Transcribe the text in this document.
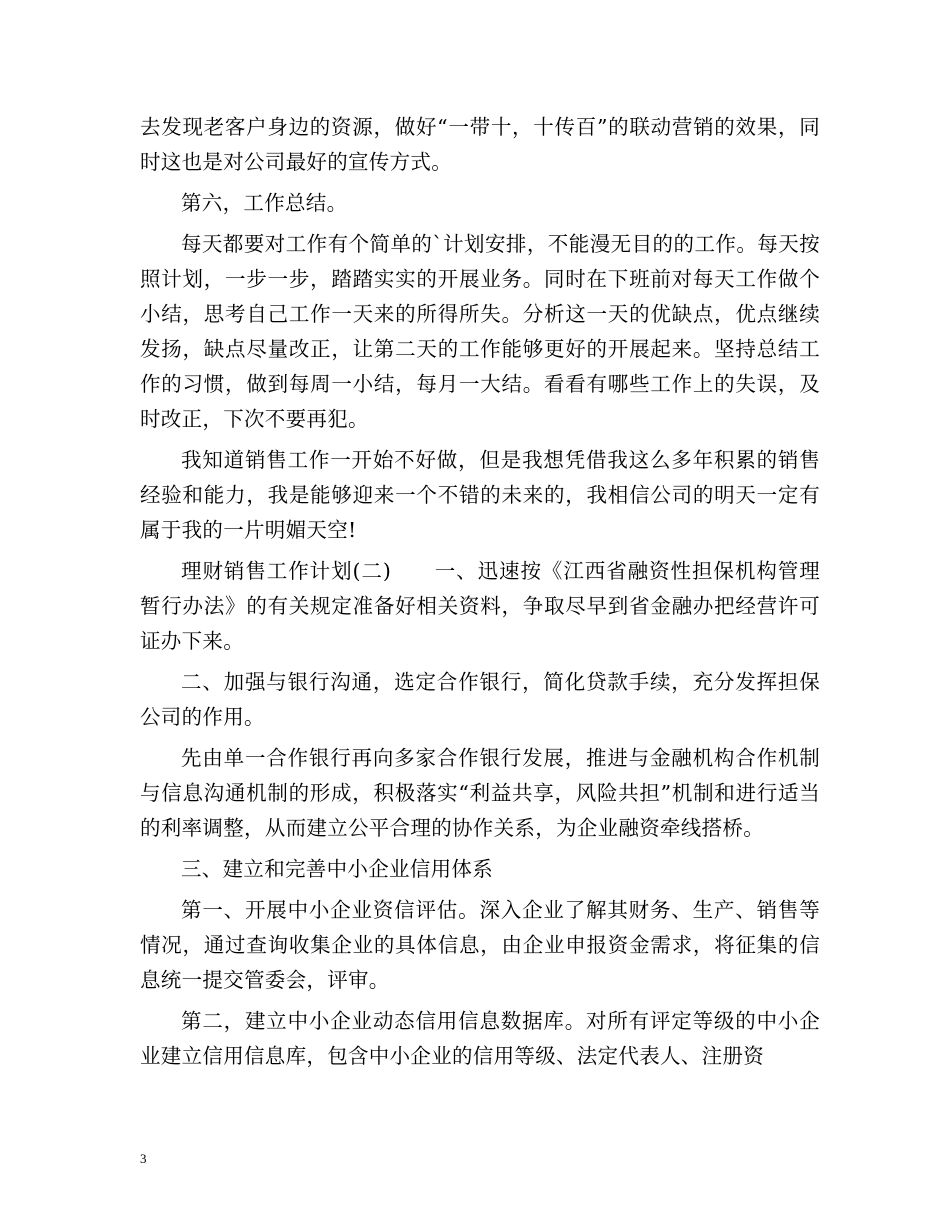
去发现老客户身边的资源，做好“一带十，十传百”的联动营销的效果，同时这也是对公司最好的宣传方式。

第六，工作总结。

每天都要对工作有个简单的`计划安排，不能漫无目的的工作。每天按照计划，一步一步，踏踏实实的开展业务。同时在下班前对每天工作做个小结，思考自己工作一天来的所得所失。分析这一天的优缺点，优点继续发扬，缺点尽量改正，让第二天的工作能够更好的开展起来。坚持总结工作的习惯，做到每周一小结，每月一大结。看看有哪些工作上的失误，及时改正，下次不要再犯。

我知道销售工作一开始不好做，但是我想凭借我这么多年积累的销售经验和能力，我是能够迎来一个不错的未来的，我相信公司的明天一定有属于我的一片明媚天空!

理财销售工作计划(二)　　一、迅速按《江西省融资性担保机构管理暂行办法》的有关规定准备好相关资料，争取尽早到省金融办把经营许可证办下来。

二、加强与银行沟通，选定合作银行，简化贷款手续，充分发挥担保公司的作用。

先由单一合作银行再向多家合作银行发展，推进与金融机构合作机制与信息沟通机制的形成，积极落实“利益共享，风险共担”机制和进行适当的利率调整，从而建立公平合理的协作关系，为企业融资牵线搭桥。

三、建立和完善中小企业信用体系

第一、开展中小企业资信评估。深入企业了解其财务、生产、销售等情况，通过查询收集企业的具体信息，由企业申报资金需求，将征集的信息统一提交管委会，评审。

第二，建立中小企业动态信用信息数据库。对所有评定等级的中小企业建立信用信息库，包含中小企业的信用等级、法定代表人、注册资

3
